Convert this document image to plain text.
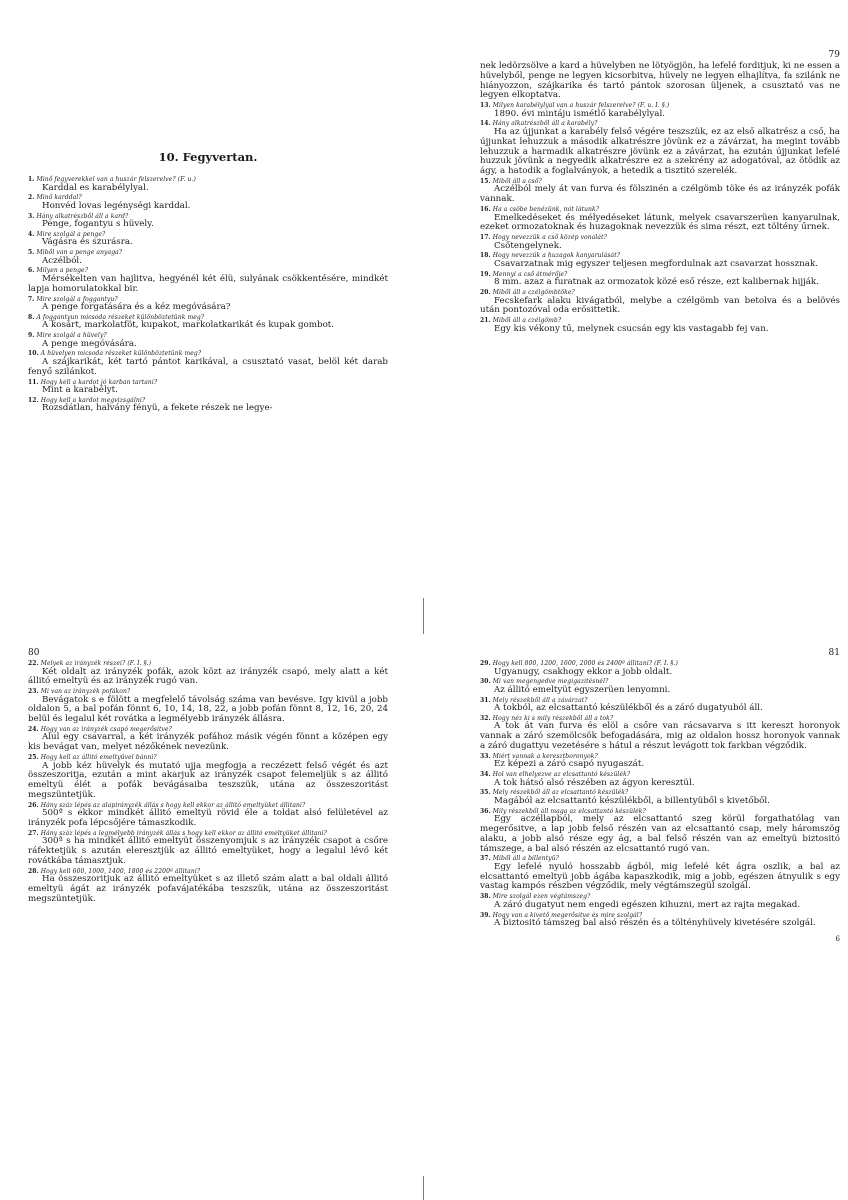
10. Fegyvertan.
1. Minő fegyverekkel van a huszár felszerelve? (F. u.)
Karddal es karabélylyal.
2. Minő karddal?
Honvéd lovas legénységi karddal.
3. Hány alkatrészből áll a kard?
Penge, fogantyu s hüvely.
4. Mire szolgál a penge?
Vágásra és szurásra.
5. Miből van a penge anyaga?
Aczélból.
6. Milyen a penge?
Mérsékelten van hajlitva, hegyénél két élü, sulyának csökkentésére, mindkét lapja homorulatokkal bir.
7. Mire szolgál a foggantyu?
A penge forgatására és a kéz megóvására?
8. A foggantyun micsoda részeket különböztetünk meg?
A kosárt, markolatföt, kupakot, markolatkarikát és kupak gombot.
9. Mire szolgál a hüvely?
A penge megóvására.
10. A hüvelyen micsoda részeket különböztetünk meg?
A szájkarikát, két tartó pántot karikával, a csusztató vasat, belöl két darab fenyő szilánkot.
11. Hogy kell a kardot jó karban tartani?
Mint a karabélyt.
12. Hogy kell a kardot megvizsgálni?
Rozsdátlan, halvány fényü, a fekete részek ne legye-
79
nek ledörzsölve a kard a hüvelyben ne lötyögjön, ha lefelé forditjuk, ki ne essen a hüvelyből, penge ne legyen kicsorbitva, hüvely ne legyen elhajlítva, fa szilánk ne hiányozzon, szájkarika és tartó pántok szorosan üljenek, a csusztató vas ne legyen elkoptatva.
13. Milyen karabélylyal van a huszár felszerelve? (F. u. I. §.)
1890. évi mintáju ismétlő karabélylyal.
14. Hány alkatrészből áll a karabély?
Ha az újjunkat a karabély felső végére teszszük, ez az első alkatrész a cső, ha újjunkat lehuzzuk a második alkatrészre jövünk ez a závárzat, ha megint tovább lehuzzuk a harmadik alkatrészre jövünk ez a závárzat, ha ezután újjunkat lefelé huzzuk jövünk a negyedik alkatrészre ez a szekrény az adogatóval, az ötödik az ágy, a hatodik a foglalványok, a hetedik a tisztitó szerelék.
15. Miből áll a cső?
Aczélból mely át van furva és fölszinén a czélgömb töke és az irányzék pofák vannak.
16. Ha a csöbe benézünk, mit látunk?
Emelkedéseket és mélyedéseket látunk, melyek csavarszerüen kanyarulnak, ezeket ormozatoknak és huzagoknak nevezzük és sima részt, ezt töltény űrnek.
17. Hogy nevezzük a cső közép vonalát?
Csőtengelynek.
18. Hogy nevezzük a huzagok kanyarulását?
Csavarzatnak mig egyszer teljesen megfordulnak azt csavarzat hossznak.
19. Mennyi a cső átmérője?
8 mm. azaz a furatnak az ormozatok közé eső része, ezt kalibernak hijják.
20. Miből áll a czélgömbtöke?
Fecskefark alaku kivágatból, melybe a czélgömb van betolva és a belövés után pontozóval oda erősittetik.
21. Miből áll a czélgömb?
Egy kis vékony tű, melynek csucsán egy kis vastagabb fej van.
80
22. Melyek az irányzék részei? (F. I. §.)
Két oldalt az irányzék pofák, azok közt az irányzék csapó, mely alatt a két állitó emeltyü és az irányzék rugó van.
23. Mi van az irányzék pofákon?
Bevágatok s e fölött a megfelelő távolság száma van bevésve. Igy kivül a jobb oldalon 5, a bal pofán fönnt 6, 10, 14, 18, 22, a jobb pofán fönnt 8, 12, 16, 20, 24 belül és legalul két rovátka a legmélyebb irányzék állásra.
24. Hogy van az irányzék csapó megerősitve?
Alul egy csavarral, a két irányzék pofához másik végén fönnt a középen egy kis bevágat van, melyet nézőkének nevezünk.
25. Hogy kell az állitó emeltyüvel bánni?
A jobb kéz hüvelyk és mutató ujja megfogja a reczézett felső végét és azt összeszoritja, ezután a mint akarjuk az irányzék csapot felemeljük s az állitó emeltyü élét a pofák bevágásaiba teszszük, utána az összeszoritást megszüntetjük.
26. Hány száz lépés az alapirányzék állás s hogy kell ekkor az állitó emeltyüket állitani?
500ª s ekkor mindkét állitó emeltyü rövid éle a toldat alsó felületével az irányzék pofa lépcsőjére támaszkodik.
27. Hány száz lépés a legmélyebb irányzék állás s hogy kell ekkor az állitó emeltyüket állitani?
300ª s ha mindkét állitó emeltyüt összenyomjuk s az irányzék csapot a csőre ráfektetjük s azután eleresztjük az állitó emeltyüket, hogy a legalul lévő két rovátkába támasztjuk.
28. Hogy kell 600, 1000, 1400, 1800 és 2200ª állitani?
Ha összeszoritjuk az állitó emeltyüket s az illető szám alatt a bal oldali állitó emeltyü ágát az irányzék pofavájatékába teszszük, utána az összeszoritást megszüntetjük.
81
29. Hogy kell 800, 1200, 1600, 2000 és 2400ª állitani? (F. I. §.)
Ugyanugy, csakhogy ekkor a jobb oldalt.
30. Mi van megengedve megigazitésnél?
Az állitó emeltyüt egyszerüen lenyomni.
31. Mely részekből áll a závárzat?
A tokból, az elcsattantó készülékből és a záró dugatyuból áll.
32. Hogy néz ki s mily részekből áll a tok?
A tok át van furva és elöl a csőre van rácsavarva s itt kereszt horonyok vannak a záró szemölcsök befogadására, mig az oldalon hossz horonyok vannak a záró dugattyu vezetésére s hátul a részut levágott tok farkban végződik.
33. Miért vannak a keresztboronyok?
Ez képezi a záró csapó nyugaszát.
34. Hol van elhelyezve az elcsattantó készülék?
A tok hátsó alsó részében az ágyon keresztül.
35. Mely részekből áll az elcsattantó készülék?
Magából az elcsattantó készülékből, a billentyüből s kivetőből.
36. Mily részekből áll maga az elcsattantó készülék?
Egy aczéllapból, mely az elcsattantó szeg körül forgathatólag van megerősitve, a lap jobb felső részén van az elcsattantó csap, mely háromszög alaku, a jobb alsó része egy ág, a bal felső részén van az emeltyü biztositó támszege, a bal alsó részén az elcsattantó rugó van.
37. Miből áll a billentyü?
Egy lefelé nyuló hosszabb ágból, mig lefelé két ágra oszlik, a bal az elcsattantó emeltyü jobb ágába kapaszkodik, mig a jobb, egészen átnyulik s egy vastag kampós részben végződik, mely végtámszegül szolgál.
38. Mire szolgál ezen végtámszeg?
A záró dugatyut nem engedi egészen kihuzni, mert az rajta megakad.
39. Hogy van a kivető megerősitve és mire szolgál?
A biztositó támszeg bal alsó részén és a töltényhüvely kivetésére szolgál.
6
